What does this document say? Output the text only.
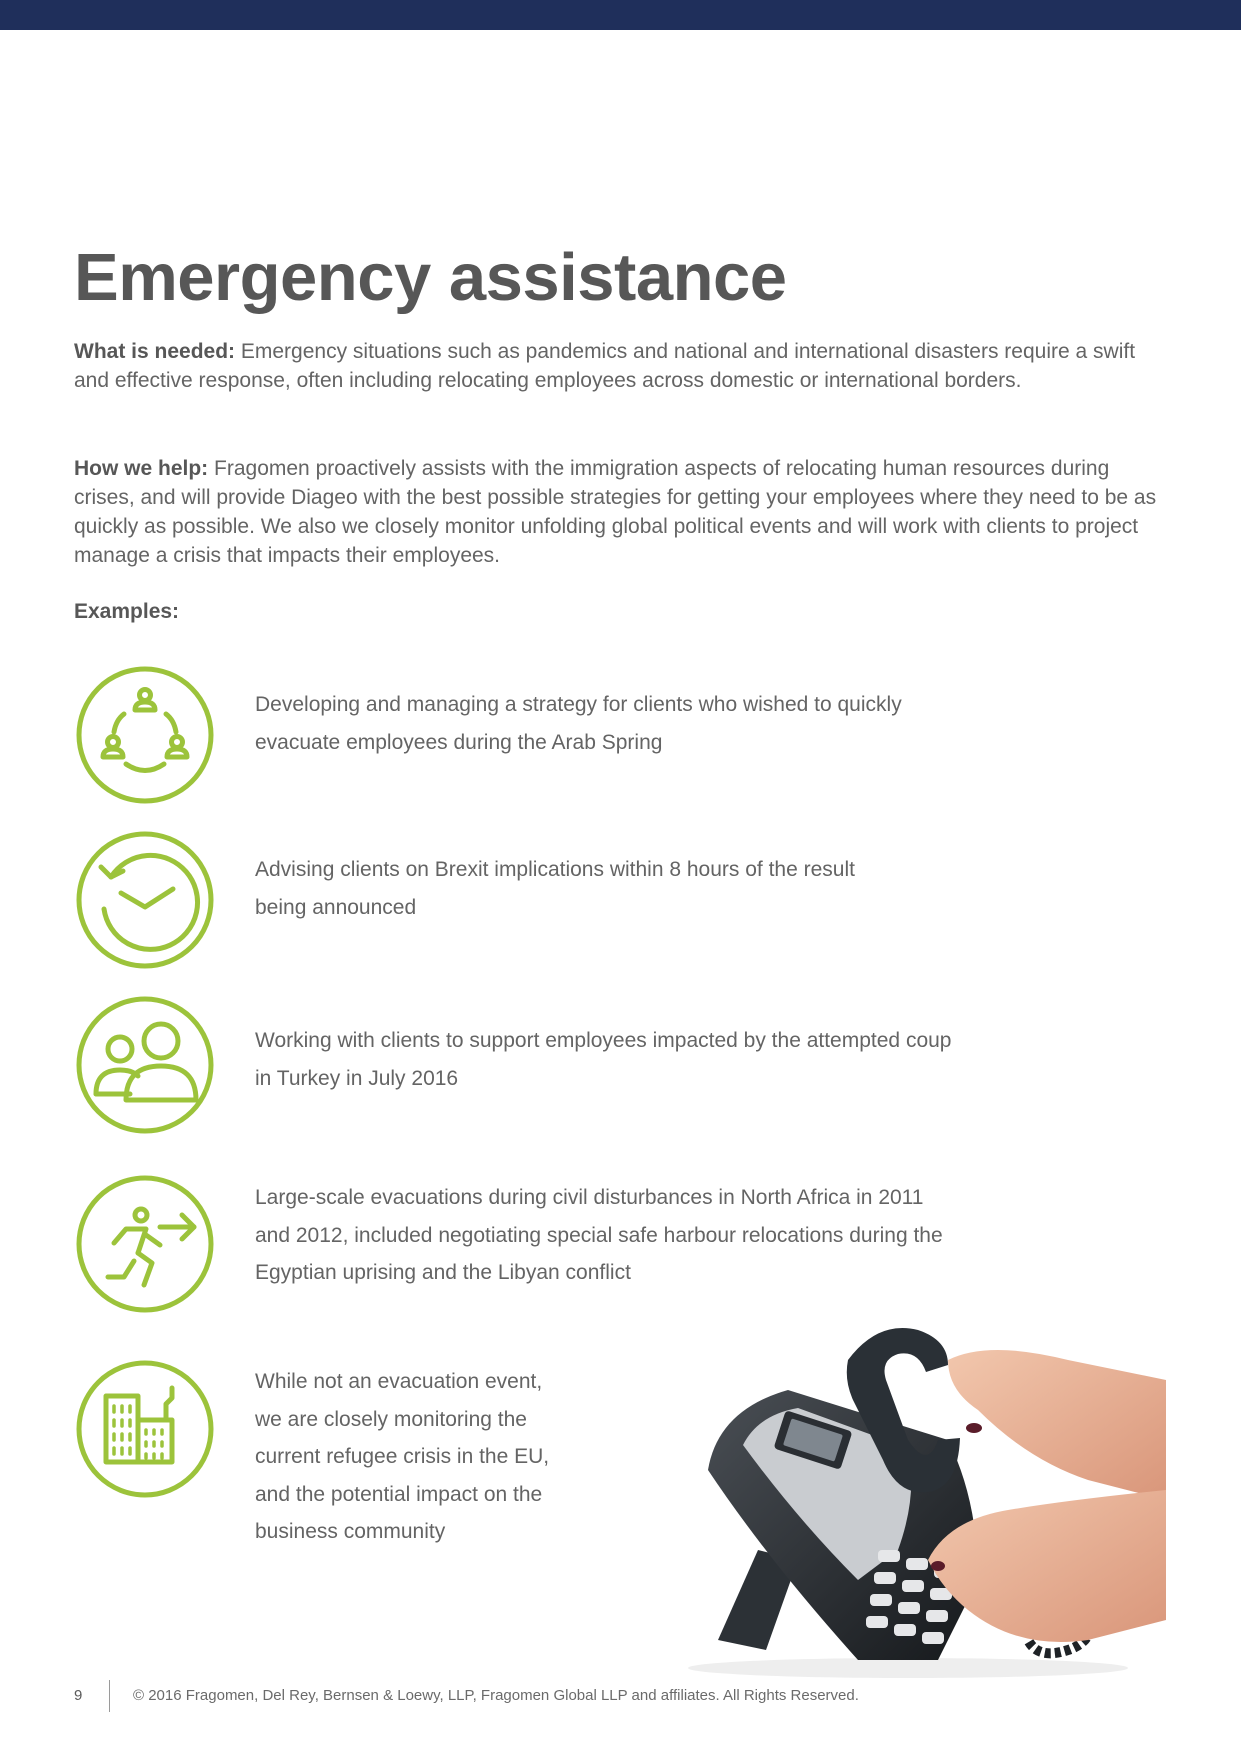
Emergency assistance

What is needed: Emergency situations such as pandemics and national and international disasters require a swift and effective response, often including relocating employees across domestic or international borders.

How we help: Fragomen proactively assists with the immigration aspects of relocating human resources during crises, and will provide Diageo with the best possible strategies for getting your employees where they need to be as quickly as possible. We also we closely monitor unfolding global political events and will work with clients to project manage a crisis that impacts their employees.

Examples:

Developing and managing a strategy for clients who wished to quickly
evacuate employees during the Arab Spring

Advising clients on Brexit implications within 8 hours of the result
being announced

Working with clients to support employees impacted by the attempted coup
in Turkey in July 2016

Large-scale evacuations during civil disturbances in North Africa in 2011
and 2012, included negotiating special safe harbour relocations during the
Egyptian uprising and the Libyan conflict

While not an evacuation event,
we are closely monitoring the
current refugee crisis in the EU,
and the potential impact on the
business community

9	© 2016 Fragomen, Del Rey, Bernsen & Loewy, LLP, Fragomen Global LLP and affiliates. All Rights Reserved.
